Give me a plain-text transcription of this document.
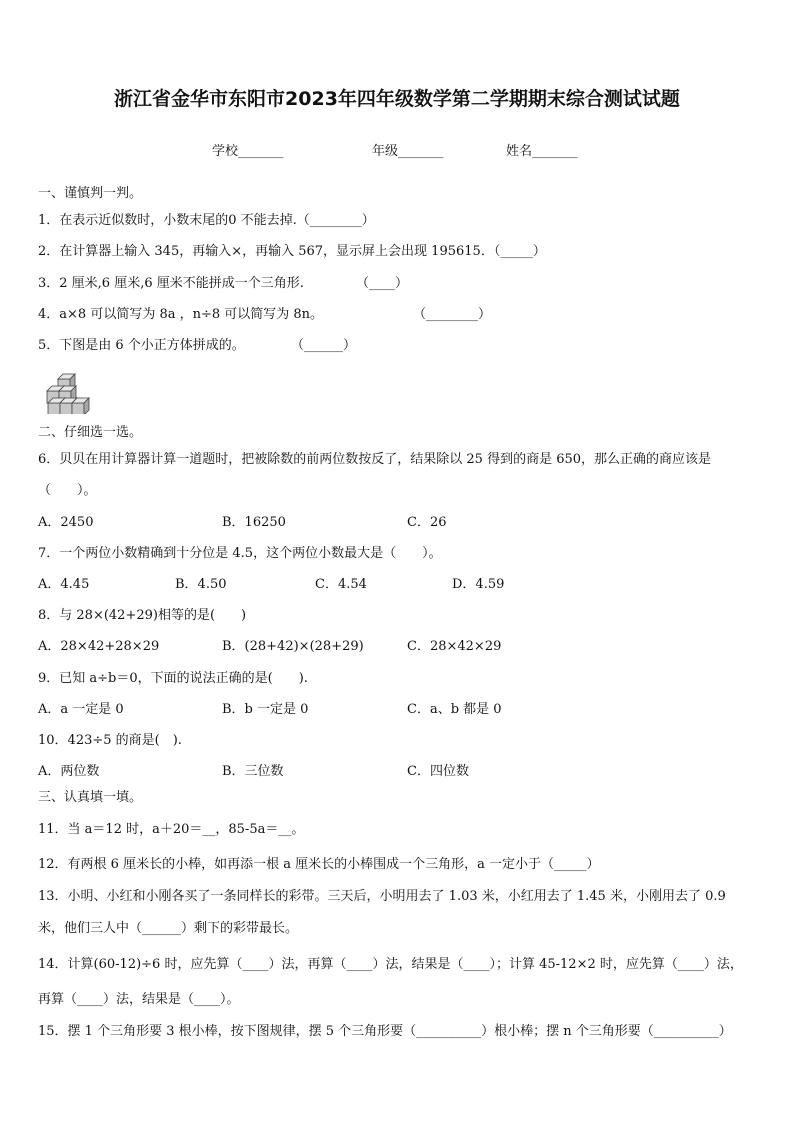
浙江省金华市东阳市2023年四年级数学第二学期期末综合测试试题
学校_______	年级_______	姓名_______
一、谨慎判一判。
1．在表示近似数时，小数末尾的0 不能去掉.（________）
2．在计算器上输入 345，再输入×，再输入 567，显示屏上会出现 195615．（_____）
3．2 厘米,6 厘米,6 厘米不能拼成一个三角形.	（____）
4．a×8 可以简写为 8a ，n÷8 可以简写为 8n。	（________）
5．下图是由 6 个小正方体拼成的。	（______）
二、仔细选一选。
6．贝贝在用计算器计算一道题时，把被除数的前两位数按反了，结果除以 25 得到的商是 650，那么正确的商应该是
（　　）。
A．2450	B．16250	C．26
7．一个两位小数精确到十分位是 4.5，这个两位小数最大是（　　）。
A．4.45	B．4.50	C．4.54	D．4.59
8．与 28×(42+29)相等的是(　　)
A．28×42+28×29	B．(28+42)×(28+29)	C．28×42×29
9．已知 a÷b＝0，下面的说法正确的是(　　).
A．a 一定是 0	B．b 一定是 0	C．a、b 都是 0
10．423÷5 的商是(　).
A．两位数	B．三位数	C．四位数
三、认真填一填。
11．当 a＝12 时，a＋20＝__，85-5a＝__。
12．有两根 6 厘米长的小棒，如再添一根 a 厘米长的小棒围成一个三角形，a 一定小于（_____）
13．小明、小红和小刚各买了一条同样长的彩带。三天后，小明用去了 1.03 米，小红用去了 1.45 米，小刚用去了 0.9
米，他们三人中（______）剩下的彩带最长。
14．计算(60-12)÷6 时，应先算（____）法，再算（____）法，结果是（____）；计算 45-12×2 时，应先算（____）法，
再算（____）法，结果是（____）。
15．摆 1 个三角形要 3 根小棒，按下图规律，摆 5 个三角形要（__________）根小棒；摆 n 个三角形要（__________）
